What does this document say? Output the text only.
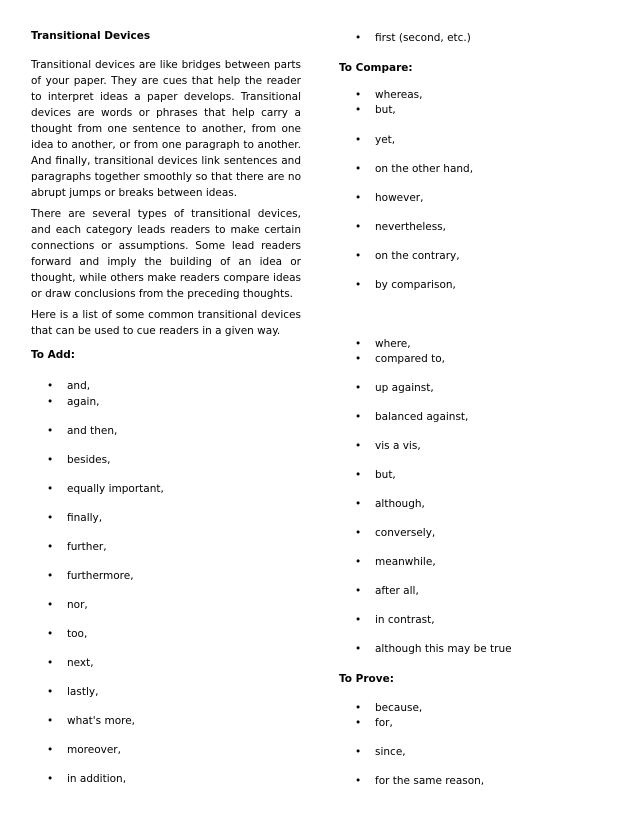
Transitional Devices

Transitional devices are like bridges between parts of your paper. They are cues that help the reader to interpret ideas a paper develops. Transitional devices are words or phrases that help carry a thought from one sentence to another, from one idea to another, or from one paragraph to another. And finally, transitional devices link sentences and paragraphs together smoothly so that there are no abrupt jumps or breaks between ideas.

There are several types of transitional devices, and each category leads readers to make certain connections or assumptions. Some lead readers forward and imply the building of an idea or thought, while others make readers compare ideas or draw conclusions from the preceding thoughts.

Here is a list of some common transitional devices that can be used to cue readers in a given way.

To Add:
• and,
• again,
• and then,
• besides,
• equally important,
• finally,
• further,
• furthermore,
• nor,
• too,
• next,
• lastly,
• what's more,
• moreover,
• in addition,
• first (second, etc.)
To Compare:
• whereas,
• but,
• yet,
• on the other hand,
• however,
• nevertheless,
• on the contrary,
• by comparison,
• where,
• compared to,
• up against,
• balanced against,
• vis a vis,
• but,
• although,
• conversely,
• meanwhile,
• after all,
• in contrast,
• although this may be true
To Prove:
• because,
• for,
• since,
• for the same reason,
